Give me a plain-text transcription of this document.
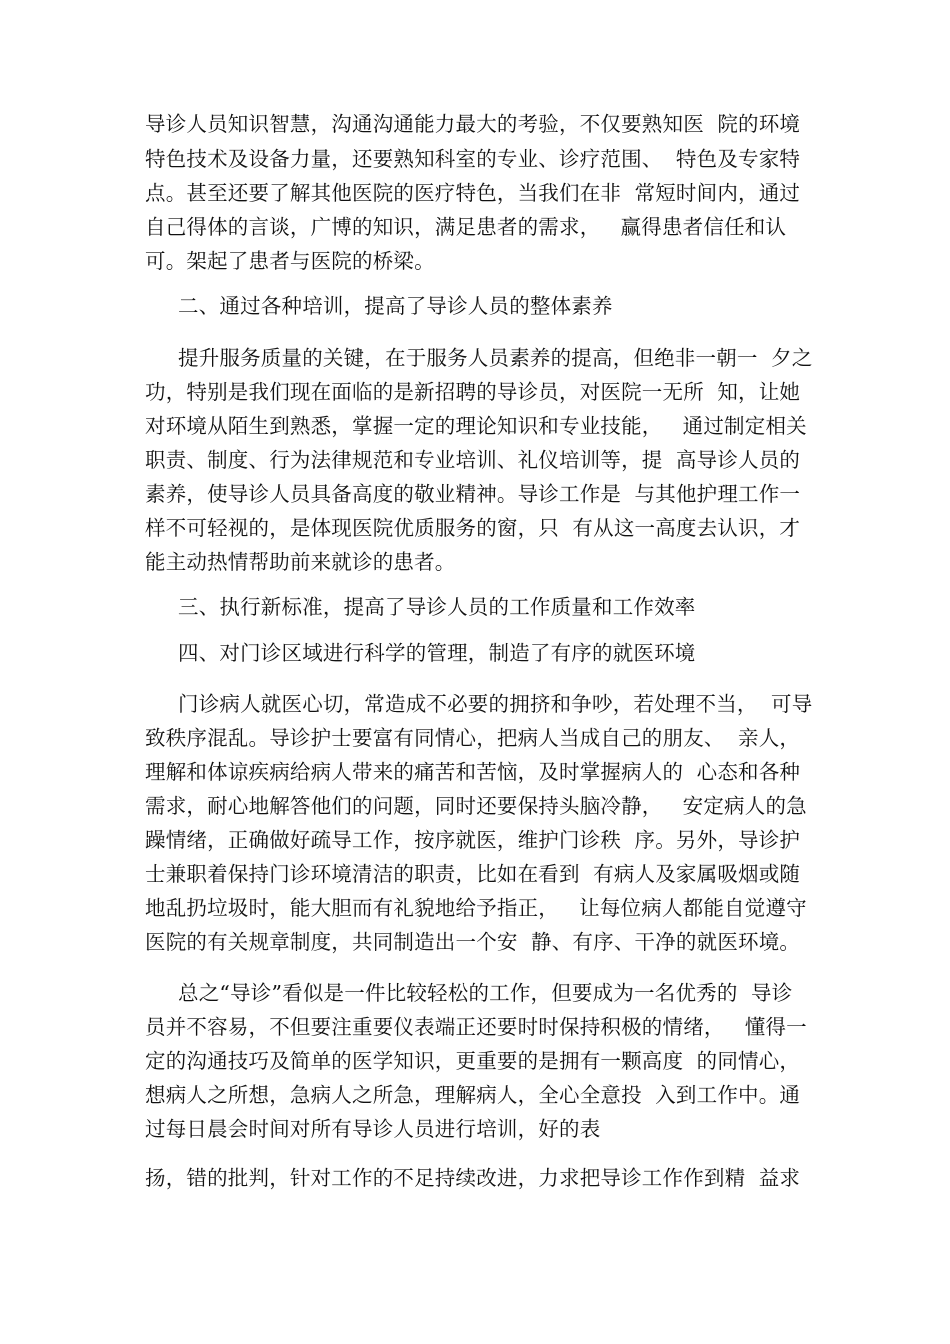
导诊人员知识智慧，沟通沟通能力最大的考验，不仅要熟知医  院的环境
特色技术及设备力量，还要熟知科室的专业、诊疗范围、  特色及专家特
点。甚至还要了解其他医院的医疗特色，当我们在非  常短时间内，通过
自己得体的言谈，广博的知识，满足患者的需求，   赢得患者信任和认
可。架起了患者与医院的桥梁。
二、通过各种培训，提高了导诊人员的整体素养
提升服务质量的关键，在于服务人员素养的提高，但绝非一朝一  夕之
功，特别是我们现在面临的是新招聘的导诊员，对医院一无所  知，让她
对环境从陌生到熟悉，掌握一定的理论知识和专业技能，   通过制定相关
职责、制度、行为法律规范和专业培训、礼仪培训等，提  高导诊人员的
素养，使导诊人员具备高度的敬业精神。导诊工作是  与其他护理工作一
样不可轻视的，是体现医院优质服务的窗，只  有从这一高度去认识，才
能主动热情帮助前来就诊的患者。
三、执行新标准，提高了导诊人员的工作质量和工作效率
四、对门诊区域进行科学的管理，制造了有序的就医环境
门诊病人就医心切，常造成不必要的拥挤和争吵，若处理不当，  可导
致秩序混乱。导诊护士要富有同情心，把病人当成自己的朋友、  亲人，
理解和体谅疾病给病人带来的痛苦和苦恼，及时掌握病人的  心态和各种
需求，耐心地解答他们的问题，同时还要保持头脑冷静，   安定病人的急
躁情绪，正确做好疏导工作，按序就医，维护门诊秩  序。另外，导诊护
士兼职着保持门诊环境清洁的职责，比如在看到  有病人及家属吸烟或随
地乱扔垃圾时，能大胆而有礼貌地给予指正，   让每位病人都能自觉遵守
医院的有关规章制度，共同制造出一个安  静、有序、干净的就医环境。
总之“导诊”看似是一件比较轻松的工作，但要成为一名优秀的  导诊
员并不容易，不但要注重要仪表端正还要时时保持积极的情绪，   懂得一
定的沟通技巧及简单的医学知识，更重要的是拥有一颗高度  的同情心，
想病人之所想，急病人之所急，理解病人，全心全意投  入到工作中。通
过每日晨会时间对所有导诊人员进行培训，好的表
扬，错的批判，针对工作的不足持续改进，力求把导诊工作作到精  益求
